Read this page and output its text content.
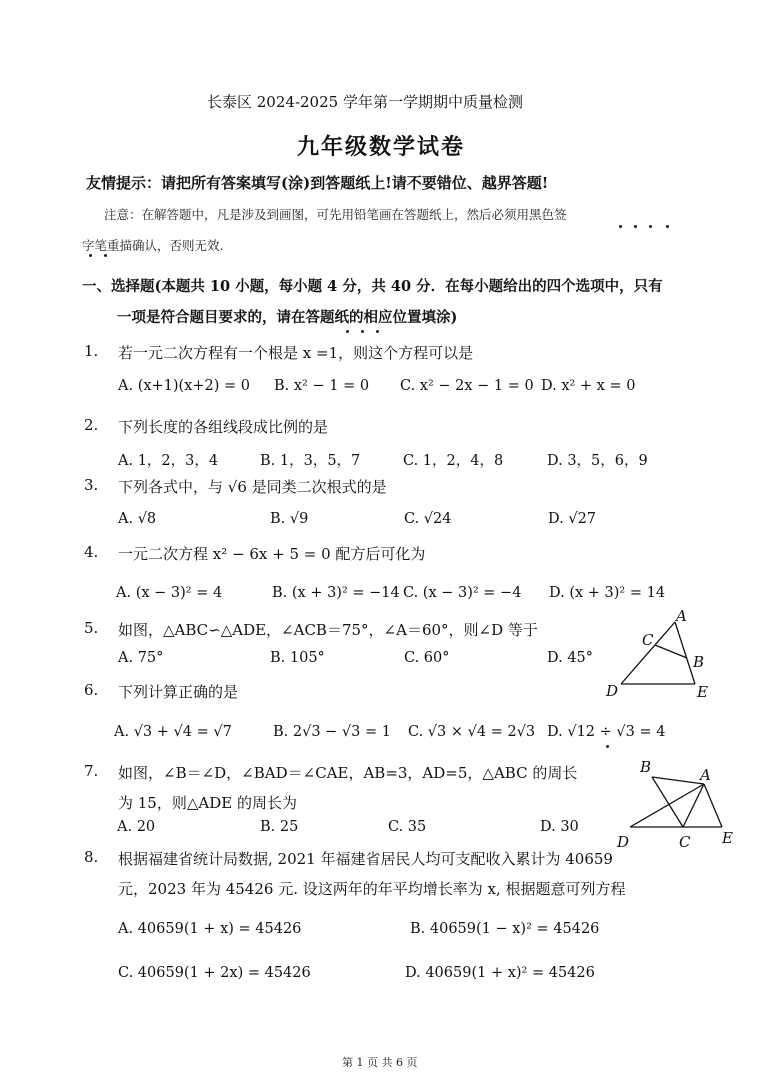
长泰区 2024-2025 学年第一学期期中质量检测
九年级数学试卷
友情提示：请把所有答案填写(涂)到答题纸上!请不要错位、越界答题!
注意：在解答题中，凡是涉及到画图，可先用铅笔画在答题纸上，然后必须用黑色签
字笔重描确认，否则无效.
一、选择题(本题共 10 小题，每小题 4 分，共 40 分．在每小题给出的四个选项中，只有
一项是符合题目要求的，请在答题纸的相应位置填涂)
1. 若一元二次方程有一个根是 x =1，则这个方程可以是
A. (x+1)(x+2) = 0 B. x² − 1 = 0 C. x² − 2x − 1 = 0 D. x² + x = 0
2. 下列长度的各组线段成比例的是
A. 1，2，3，4	B. 1，3，5，7	C. 1，2，4，8	D. 3，5，6，9
3. 下列各式中，与 √6 是同类二次根式的是
A. √8	B. √9	C. √24	D. √27
4. 一元二次方程 x² − 6x + 5 = 0 配方后可化为
A. (x − 3)² = 4	B. (x + 3)² = −14 C. (x − 3)² = −4 D. (x + 3)² = 14
5. 如图，△ABC∽△ADE，∠ACB＝75°，∠A＝60°，则∠D 等于
A. 75°	B. 105°	C. 60°	D. 45°
A
C
B
D	E
6. 下列计算正确的是
A. √3 + √4 = √7	B. 2√3 − √3 = 1 C. √3 × √4 = 2√3 D. √12 ÷ √3 = 4
7. 如图，∠B＝∠D，∠BAD＝∠CAE，AB=3，AD=5，△ABC 的周长
为 15，则△ADE 的周长为
A. 20	B. 25	C. 35	D. 30
B	A
D	C E
8. 根据福建省统计局数据, 2021 年福建省居民人均可支配收入累计为 40659
元，2023 年为 45426 元. 设这两年的年平均增长率为 x, 根据题意可列方程
A. 40659(1 + x) = 45426	B. 40659(1 − x)² = 45426
C. 40659(1 + 2x) = 45426	D. 40659(1 + x)² = 45426
第 1 页 共 6 页
